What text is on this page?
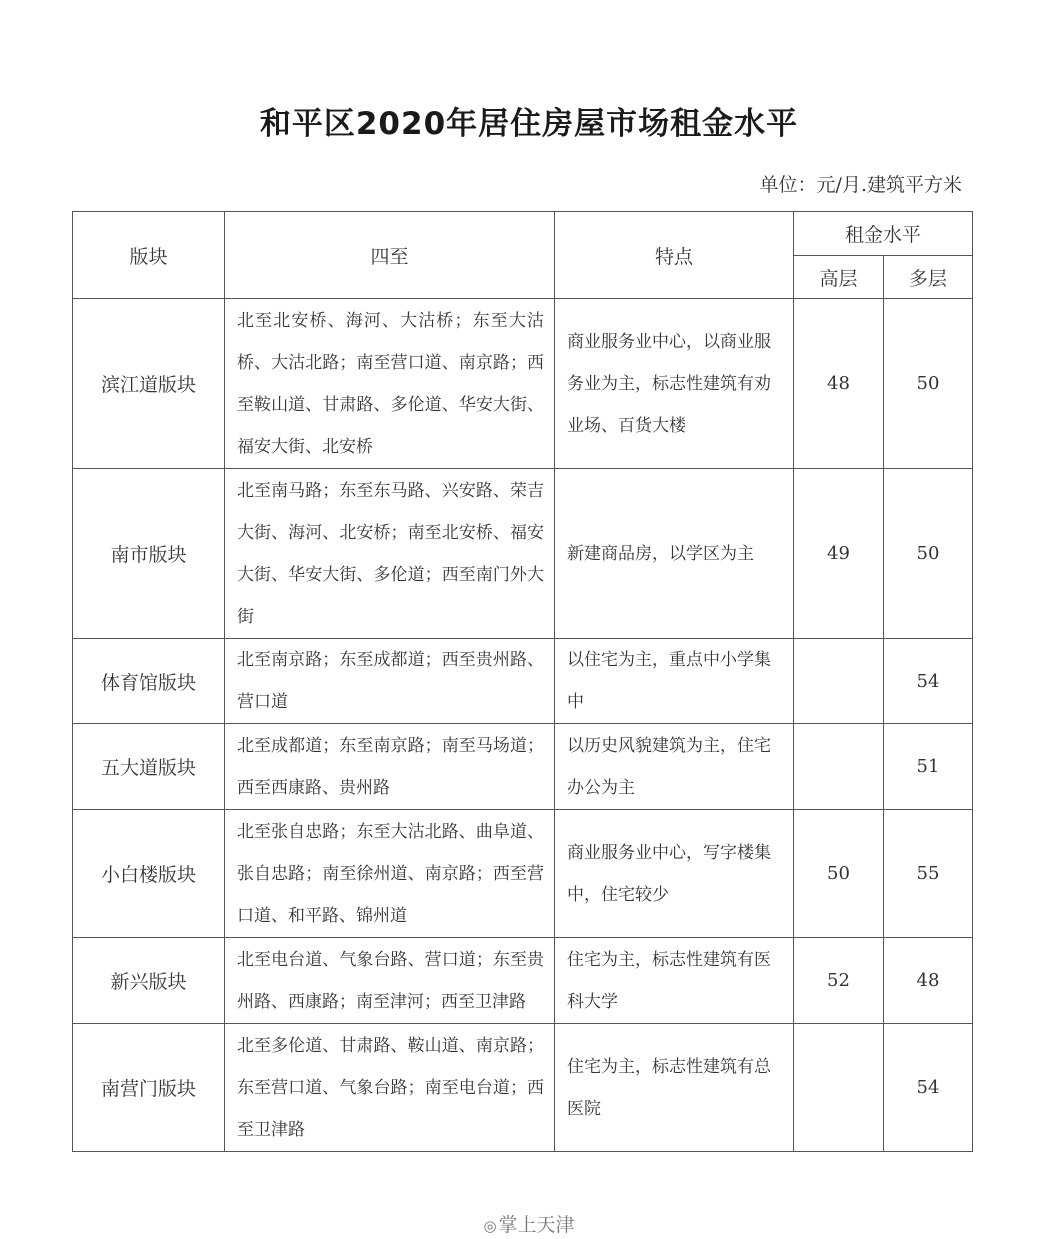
和平区2020年居住房屋市场租金水平
单位：元/月.建筑平方米
版块	四至	特点	租金水平	
			高层	多层
滨江道版块	北至北安桥、海河、大沽桥；东至大沽桥、大沽北路；南至营口道、南京路；西至鞍山道、甘肃路、多伦道、华安大街、福安大街、北安桥	商业服务业中心，以商业服务业为主，标志性建筑有劝业场、百货大楼	48	50
南市版块	北至南马路；东至东马路、兴安路、荣吉大街、海河、北安桥；南至北安桥、福安大街、华安大街、多伦道；西至南门外大街	新建商品房，以学区为主	49	50
体育馆版块	北至南京路；东至成都道；西至贵州路、营口道	以住宅为主，重点中小学集中		54
五大道版块	北至成都道；东至南京路；南至马场道；西至西康路、贵州路	以历史风貌建筑为主，住宅办公为主		51
小白楼版块	北至张自忠路；东至大沽北路、曲阜道、张自忠路；南至徐州道、南京路；西至营口道、和平路、锦州道	商业服务业中心，写字楼集中，住宅较少	50	55
新兴版块	北至电台道、气象台路、营口道；东至贵州路、西康路；南至津河；西至卫津路	住宅为主，标志性建筑有医科大学	52	48
南营门版块	北至多伦道、甘肃路、鞍山道、南京路；东至营口道、气象台路；南至电台道；西至卫津路	住宅为主，标志性建筑有总医院		54
◎ 掌上天津
